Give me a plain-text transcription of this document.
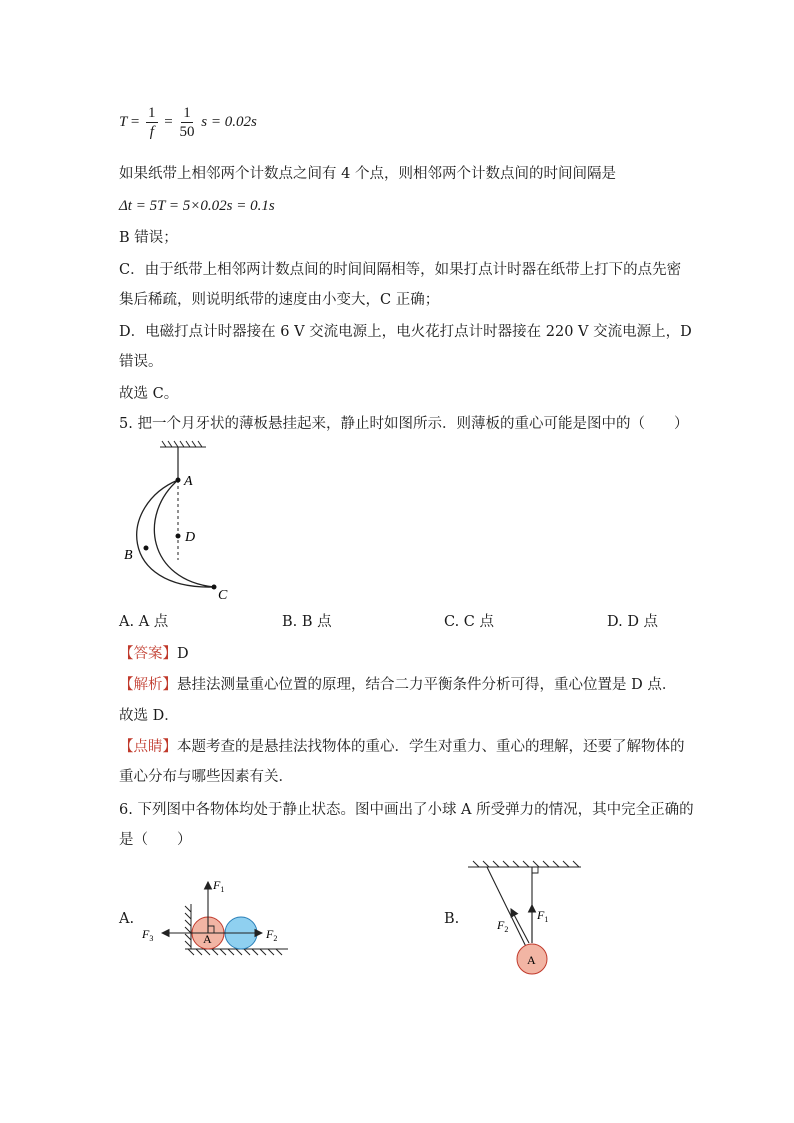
$T = \frac{1}{f} = \frac{1}{50}$ s = 0.02s
如果纸带上相邻两个计数点之间有 4 个点，则相邻两个计数点间的时间间隔是
Δt = 5T = 5×0.02s = 0.1s
B 错误；
C．由于纸带上相邻两计数点间的时间间隔相等，如果打点计时器在纸带上打下的点先密
集后稀疏，则说明纸带的速度由小变大，C 正确；
D．电磁打点计时器接在 6 V 交流电源上，电火花打点计时器接在 220 V 交流电源上，D
错误。
故选 C。
5. 把一个月牙状的薄板悬挂起来，静止时如图所示．则薄板的重心可能是图中的（　　）
A
B
C
D
A. A 点	B. B 点	C. C 点	D. D 点
【答案】D
【解析】悬挂法测量重心位置的原理，结合二力平衡条件分析可得，重心位置是 D 点．
故选 D．
【点睛】本题考查的是悬挂法找物体的重心．学生对重力、重心的理解，还要了解物体的
重心分布与哪些因素有关．
6. 下列图中各物体均处于静止状态。图中画出了小球 A 所受弹力的情况，其中完全正确的
是（　　）
A.
A
$F_1$
$F_3$	$F_2$
B.
A
$F_1$
$F_2$
